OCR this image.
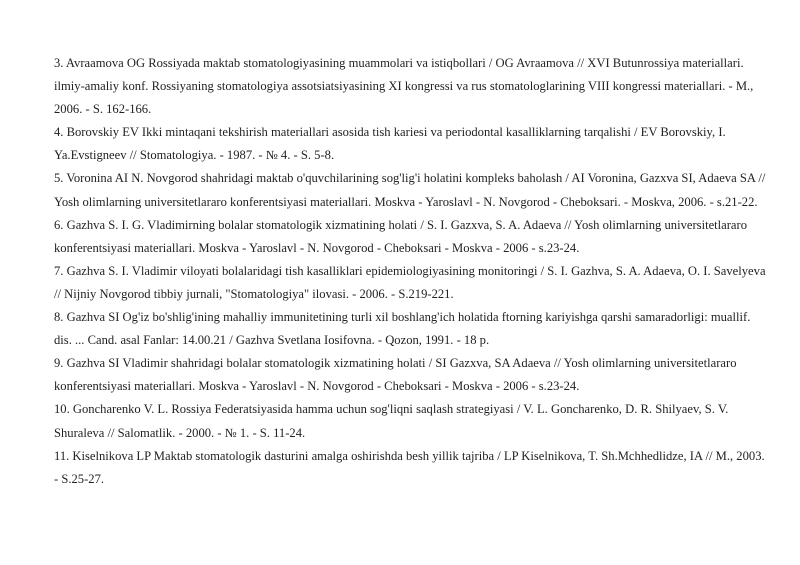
3. Avraamova OG Rossiyada maktab stomatologiyasining muammolari va istiqbollari / OG Avraamova // XVI Butunrossiya materiallari. ilmiy-amaliy konf. Rossiyaning stomatologiya assotsiatsiyasining XI kongressi va rus stomatologlarining VIII kongressi materiallari. - M., 2006. - S. 162-166.

4. Borovskiy EV Ikki mintaqani tekshirish materiallari asosida tish kariesi va periodontal kasalliklarning tarqalishi / EV Borovskiy, I. Ya.Evstigneev // Stomatologiya. - 1987. - № 4. - S. 5-8.

5. Voronina AI N. Novgorod shahridagi maktab o'quvchilarining sog'lig'i holatini kompleks baholash / AI Voronina, Gazxva SI, Adaeva SA // Yosh olimlarning universitetlararo konferentsiyasi materiallari. Moskva - Yaroslavl - N. Novgorod - Cheboksari. - Moskva, 2006. - s.21-22.

6. Gazhva S. I. G. Vladimirning bolalar stomatologik xizmatining holati / S. I. Gazxva, S. A. Adaeva // Yosh olimlarning universitetlararo konferentsiyasi materiallari. Moskva - Yaroslavl - N. Novgorod - Cheboksari - Moskva - 2006 - s.23-24.

7. Gazhva S. I. Vladimir viloyati bolalaridagi tish kasalliklari epidemiologiyasining monitoringi / S. I. Gazhva, S. A. Adaeva, O. I. Savelyeva // Nijniy Novgorod tibbiy jurnali, "Stomatologiya" ilovasi. - 2006. - S.219-221.

8. Gazhva SI Og'iz bo'shlig'ining mahalliy immunitetining turli xil boshlang'ich holatida ftorning kariyishga qarshi samaradorligi: muallif. dis. ... Cand. asal Fanlar: 14.00.21 / Gazhva Svetlana Iosifovna. - Qozon, 1991. - 18 p.

9. Gazhva SI Vladimir shahridagi bolalar stomatologik xizmatining holati / SI Gazxva, SA Adaeva // Yosh olimlarning universitetlararo konferentsiyasi materiallari. Moskva - Yaroslavl - N. Novgorod - Cheboksari - Moskva - 2006 - s.23-24.

10. Goncharenko V. L. Rossiya Federatsiyasida hamma uchun sog'liqni saqlash strategiyasi / V. L. Goncharenko, D. R. Shilyaev, S. V. Shuraleva // Salomatlik. - 2000. - № 1. - S. 11-24.

11. Kiselnikova LP Maktab stomatologik dasturini amalga oshirishda besh yillik tajriba / LP Kiselnikova, T. Sh.Mchhedlidze, IA // M., 2003. - S.25-27.
